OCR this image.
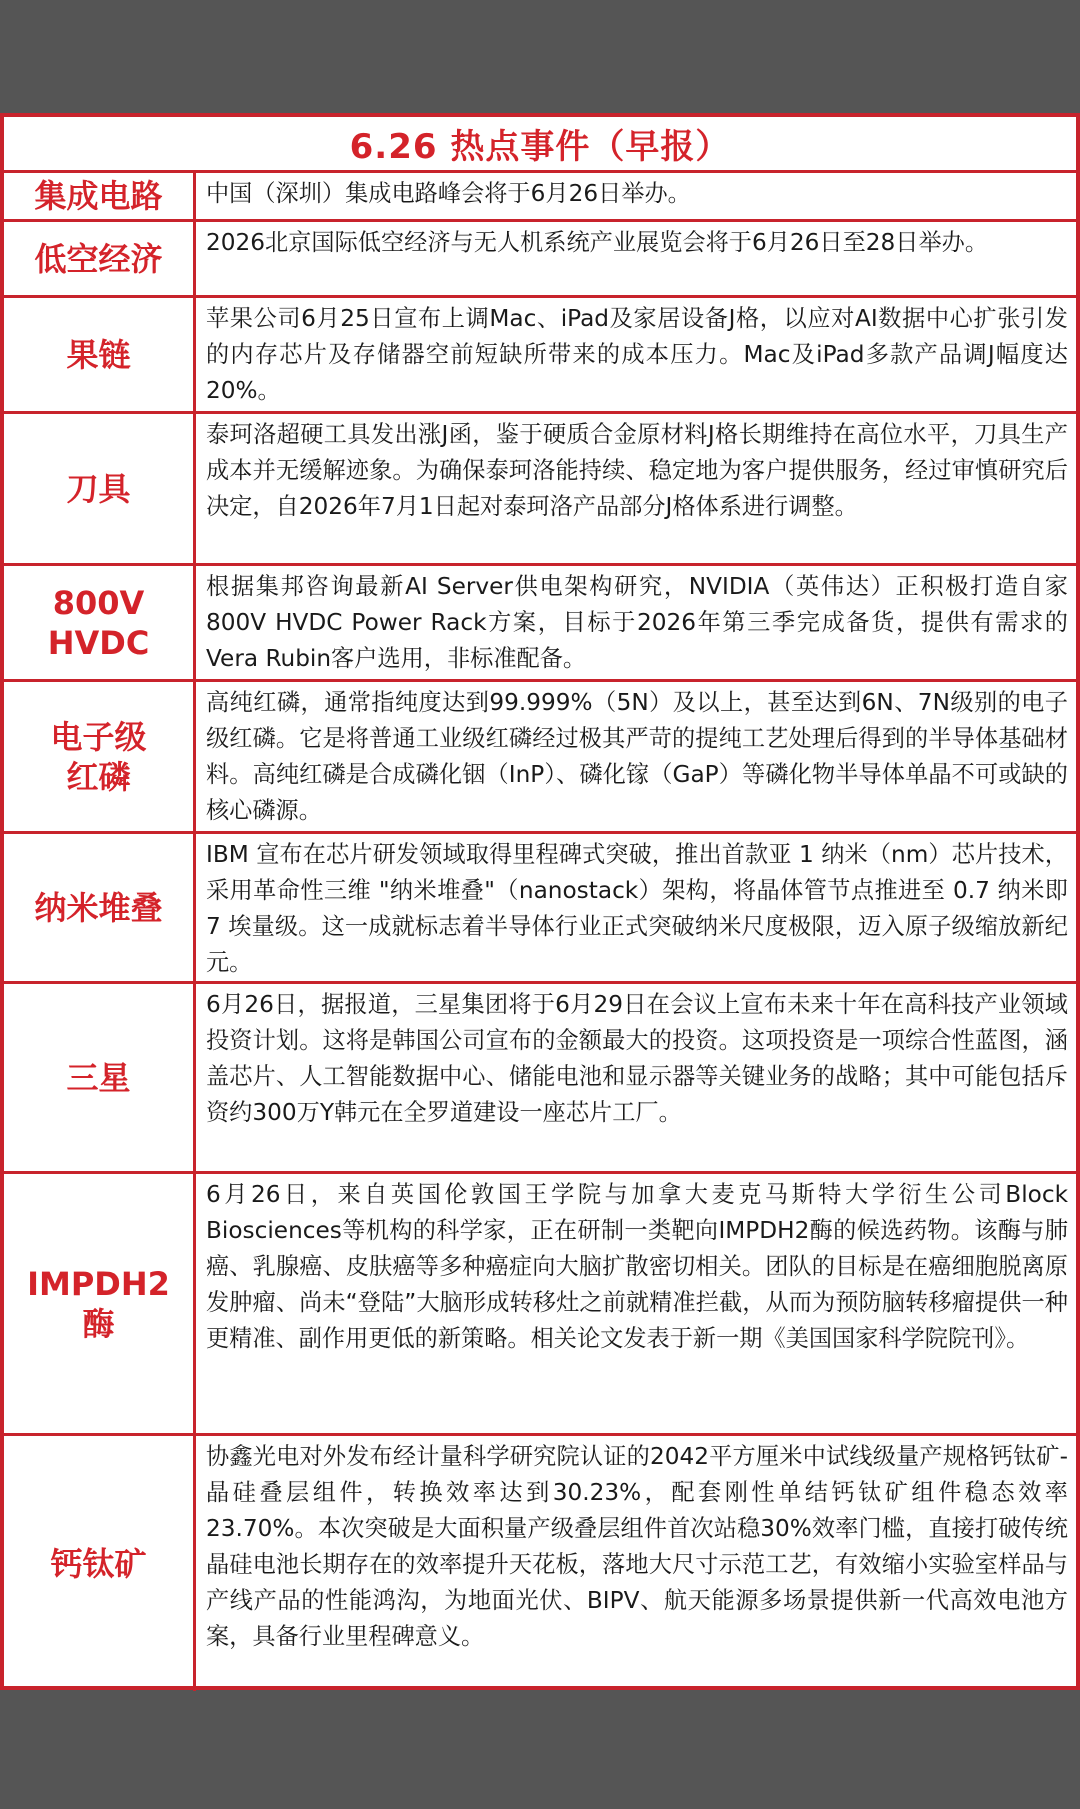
6.26 热点事件（早报）
集成电路	中国（深圳）集成电路峰会将于6月26日举办。
低空经济	2026北京国际低空经济与无人机系统产业展览会将于6月26日至28日举办。
果链
苹果公司6月25日宣布上调Mac、iPad及家居设备J格，以应对AI数据中心扩张引发的内存芯片及存储器空前短缺所带来的成本压力。Mac及iPad多款产品调J幅度达20%。
刀具
泰珂洛超硬工具发出涨J函，鉴于硬质合金原材料J格长期维持在高位水平，刀具生产成本并无缓解迹象。为确保泰珂洛能持续、稳定地为客户提供服务，经过审慎研究后决定，自2026年7月1日起对泰珂洛产品部分J格体系进行调整。
800V HVDC
根据集邦咨询最新AI Server供电架构研究，NVIDIA（英伟达）正积极打造自家800V HVDC Power Rack方案，目标于2026年第三季完成备货，提供有需求的Vera Rubin客户选用，非标准配备。
电子级红磷
高纯红磷，通常指纯度达到99.999%（5N）及以上，甚至达到6N、7N级别的电子级红磷。它是将普通工业级红磷经过极其严苛的提纯工艺处理后得到的半导体基础材料。高纯红磷是合成磷化铟（InP）、磷化镓（GaP）等磷化物半导体单晶不可或缺的核心磷源。
纳米堆叠
IBM 宣布在芯片研发领域取得里程碑式突破，推出首款亚 1 纳米（nm）芯片技术，采用革命性三维 "纳米堆叠"（nanostack）架构，将晶体管节点推进至 0.7 纳米即 7 埃量级。这一成就标志着半导体行业正式突破纳米尺度极限，迈入原子级缩放新纪元。
三星
6月26日，据报道，三星集团将于6月29日在会议上宣布未来十年在高科技产业领域投资计划。这将是韩国公司宣布的金额最大的投资。这项投资是一项综合性蓝图，涵盖芯片、人工智能数据中心、储能电池和显示器等关键业务的战略；其中可能包括斥资约300万Y韩元在全罗道建设一座芯片工厂。
IMPDH2 酶
6月26日，来自英国伦敦国王学院与加拿大麦克马斯特大学衍生公司Block Biosciences等机构的科学家，正在研制一类靶向IMPDH2酶的候选药物。该酶与肺癌、乳腺癌、皮肤癌等多种癌症向大脑扩散密切相关。团队的目标是在癌细胞脱离原发肿瘤、尚未“登陆”大脑形成转移灶之前就精准拦截，从而为预防脑转移瘤提供一种更精准、副作用更低的新策略。相关论文发表于新一期《美国国家科学院院刊》。
钙钛矿
协鑫光电对外发布经计量科学研究院认证的2042平方厘米中试线级量产规格钙钛矿-晶硅叠层组件，转换效率达到30.23%，配套刚性单结钙钛矿组件稳态效率23.70%。本次突破是大面积量产级叠层组件首次站稳30%效率门槛，直接打破传统晶硅电池长期存在的效率提升天花板，落地大尺寸示范工艺，有效缩小实验室样品与产线产品的性能鸿沟，为地面光伏、BIPV、航天能源多场景提供新一代高效电池方案，具备行业里程碑意义。
